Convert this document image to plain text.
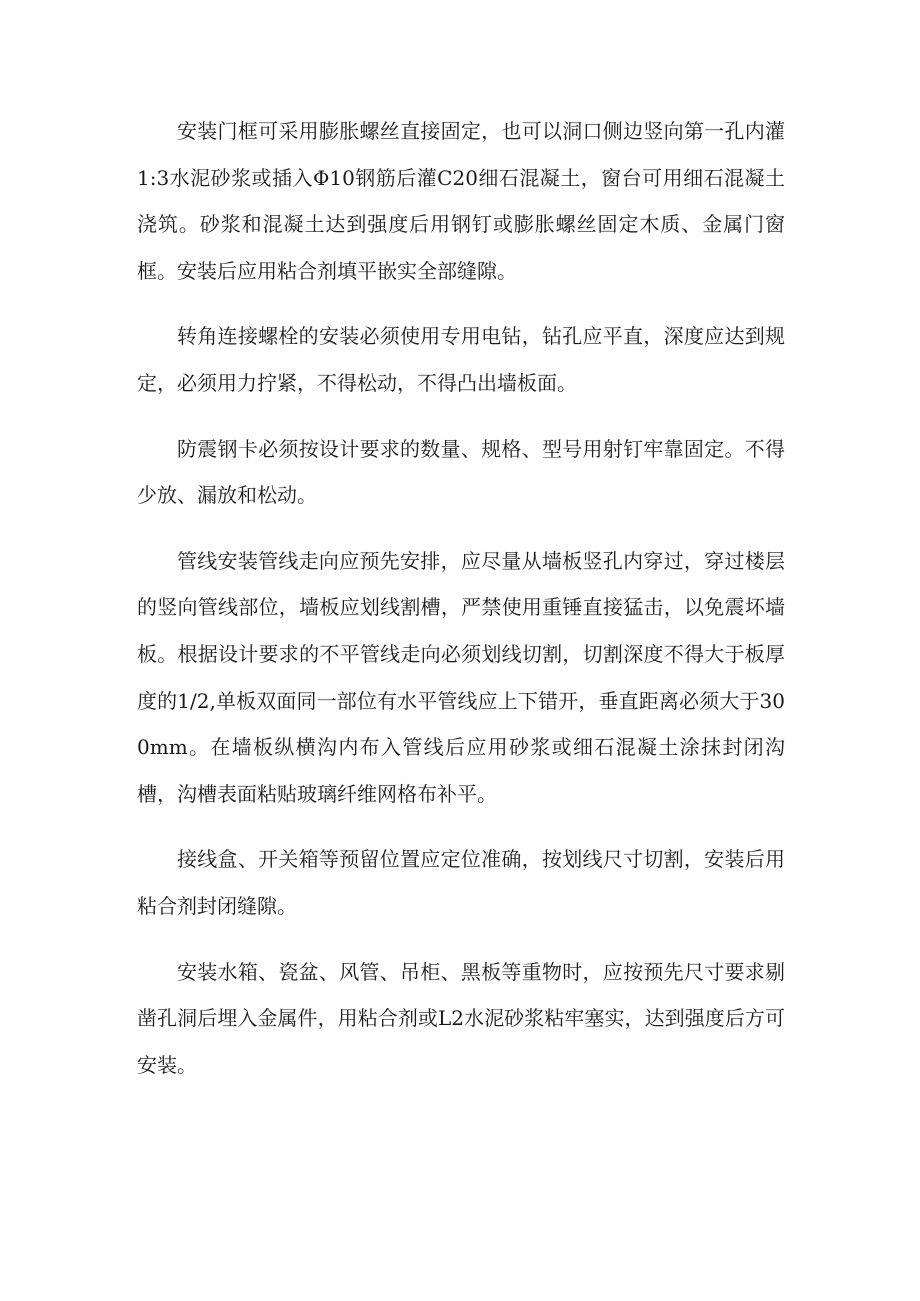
安装门框可采用膨胀螺丝直接固定，也可以洞口侧边竖向第一孔内灌1:3水泥砂浆或插入Φ10钢筋后灌C20细石混凝土，窗台可用细石混凝土浇筑。砂浆和混凝土达到强度后用钢钉或膨胀螺丝固定木质、金属门窗框。安装后应用粘合剂填平嵌实全部缝隙。

转角连接螺栓的安装必须使用专用电钻，钻孔应平直，深度应达到规定，必须用力拧紧，不得松动，不得凸出墙板面。

防震钢卡必须按设计要求的数量、规格、型号用射钉牢靠固定。不得少放、漏放和松动。

管线安装管线走向应预先安排，应尽量从墙板竖孔内穿过，穿过楼层的竖向管线部位，墙板应划线割槽，严禁使用重锤直接猛击，以免震坏墙板。根据设计要求的不平管线走向必须划线切割，切割深度不得大于板厚度的1/2,单板双面同一部位有水平管线应上下错开，垂直距离必须大于300mm。在墙板纵横沟内布入管线后应用砂浆或细石混凝土涂抹封闭沟槽，沟槽表面粘贴玻璃纤维网格布补平。

接线盒、开关箱等预留位置应定位准确，按划线尺寸切割，安装后用粘合剂封闭缝隙。

安装水箱、瓷盆、风管、吊柜、黑板等重物时，应按预先尺寸要求剔凿孔洞后埋入金属件，用粘合剂或L2水泥砂浆粘牢塞实，达到强度后方可安装。
